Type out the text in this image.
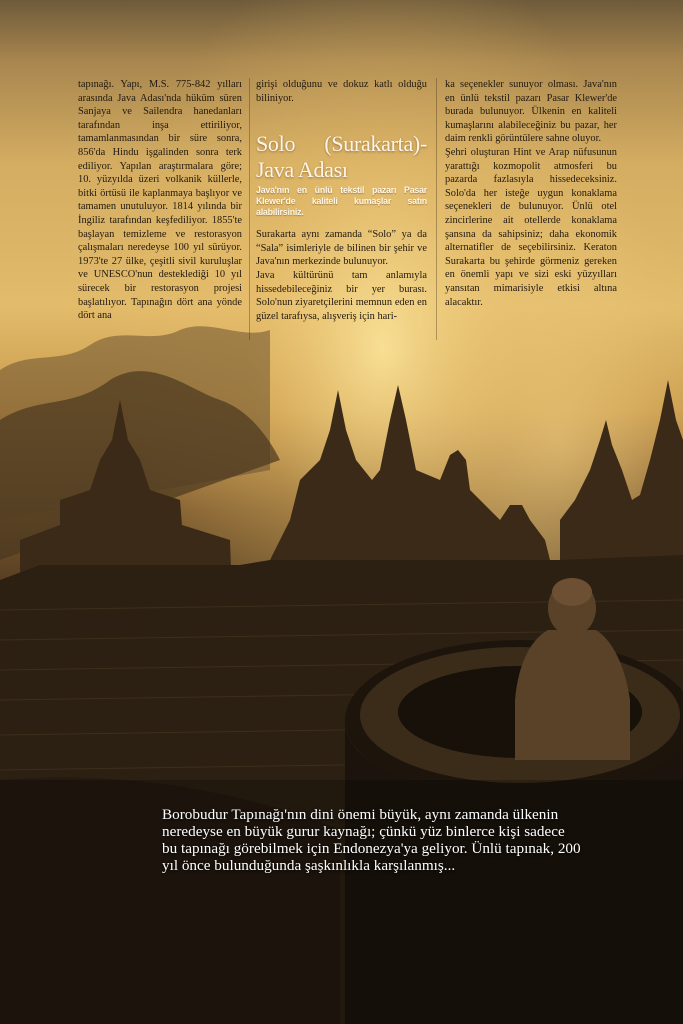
tapınağı. Yapı, M.S. 775-842 yılları arasında Java Adası'nda hüküm süren Sanjaya ve Sailendra hanedanları tarafından inşa ettiriliyor, tamamlanmasından bir süre sonra, 856'da Hindu işgalinden sonra terk ediliyor. Yapılan araştırmalara göre; 10. yüzyılda üzeri volkanik küllerle, bitki örtüsü ile kaplanmaya başlıyor ve tamamen unutuluyor. 1814 yılında bir İngiliz tarafından keşfediliyor. 1855'te başlayan temizleme ve restorasyon çalışmaları neredeyse 100 yıl sürüyor. 1973'te 27 ülke, çeşitli sivil kuruluşlar ve UNESCO'nun desteklediği 10 yıl sürecek bir restorasyon projesi başlatılıyor. Tapınağın dört ana yönde dört ana

girişi olduğunu ve dokuz katlı olduğu biliniyor.

Solo (Surakarta)-Java Adası
Java'nın en ünlü tekstil pazarı Pasar Klewer'de kaliteli kumaşlar satın alabilirsiniz.

Surakarta aynı zamanda “Solo” ya da “Sala” isimleriyle de bilinen bir şehir ve Java'nın merkezinde bulunuyor.

Java kültürünü tam anlamıyla hissedebileceğiniz bir yer burası. Solo'nun ziyaretçilerini memnun eden en güzel tarafıysa, alışveriş için hari-

ka seçenekler sunuyor olması. Java'nın en ünlü tekstil pazarı Pasar Klewer'de burada bulunuyor. Ülkenin en kaliteli kumaşlarını alabileceğiniz bu pazar, her daim renkli görüntülere sahne oluyor.

Şehri oluşturan Hint ve Arap nüfusunun yarattığı kozmopolit atmosferi bu pazarda fazlasıyla hissedeceksiniz. Solo'da her isteğe uygun konaklama seçenekleri de bulunuyor. Ünlü otel zincirlerine ait otellerde konaklama şansına da sahipsiniz; daha ekonomik alternatifler de seçebilirsiniz. Keraton Surakarta bu şehirde görmeniz gereken en önemli yapı ve sizi eski yüzyılları yansıtan mimarisiyle etkisi altına alacaktır.

Borobudur Tapınağı'nın dini önemi büyük, aynı zamanda ülkenin neredeyse en büyük gurur kaynağı; çünkü yüz binlerce kişi sadece bu tapınağı görebilmek için Endonezya'ya geliyor. Ünlü tapınak, 200 yıl önce bulunduğunda şaşkınlıkla karşılanmış...
